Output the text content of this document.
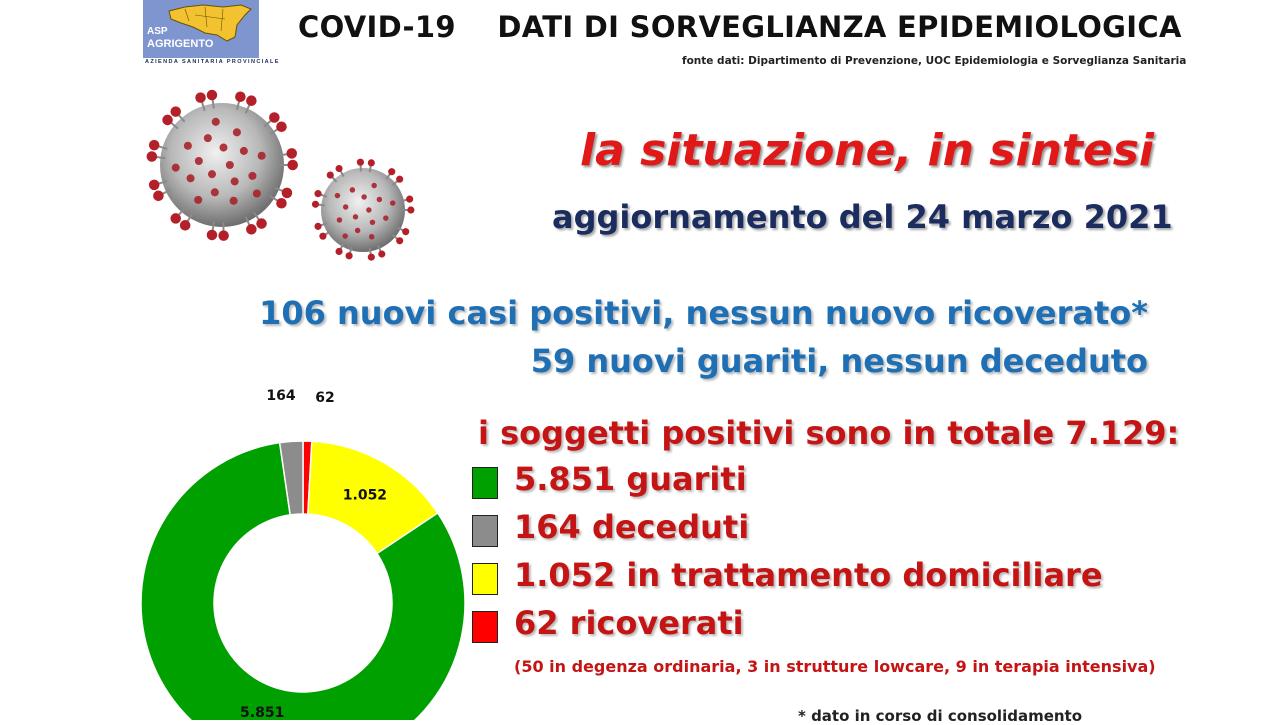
ASP
AGRIGENTO
AZIENDA SANITARIA PROVINCIALE
COVID-19    DATI DI SORVEGLIANZA EPIDEMIOLOGICA
fonte dati: Dipartimento di Prevenzione, UOC Epidemiologia e Sorveglianza Sanitaria
la situazione, in sintesi
aggiornamento del 24 marzo 2021
106 nuovi casi positivi, nessun nuovo ricoverato*
59 nuovi guariti, nessun deceduto
i soggetti positivi sono in totale 7.129:
5.851 guariti
164 deceduti
1.052 in trattamento domiciliare
62 ricoverati
(50 in degenza ordinaria, 3 in strutture lowcare, 9 in terapia intensiva)
* dato in corso di consolidamento
5.851
1.052
164 62
